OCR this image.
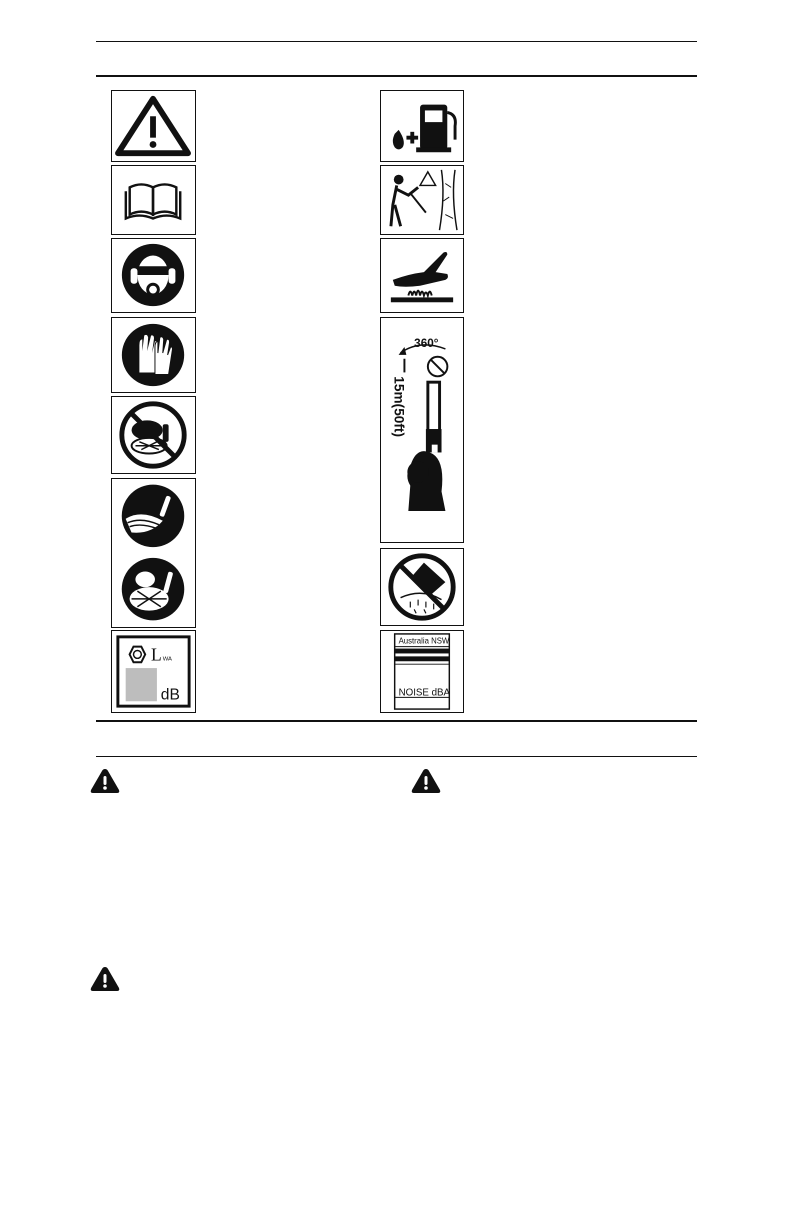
L WA
dB
360°
15m(50ft)
Australia NSW
NOISE dBA
